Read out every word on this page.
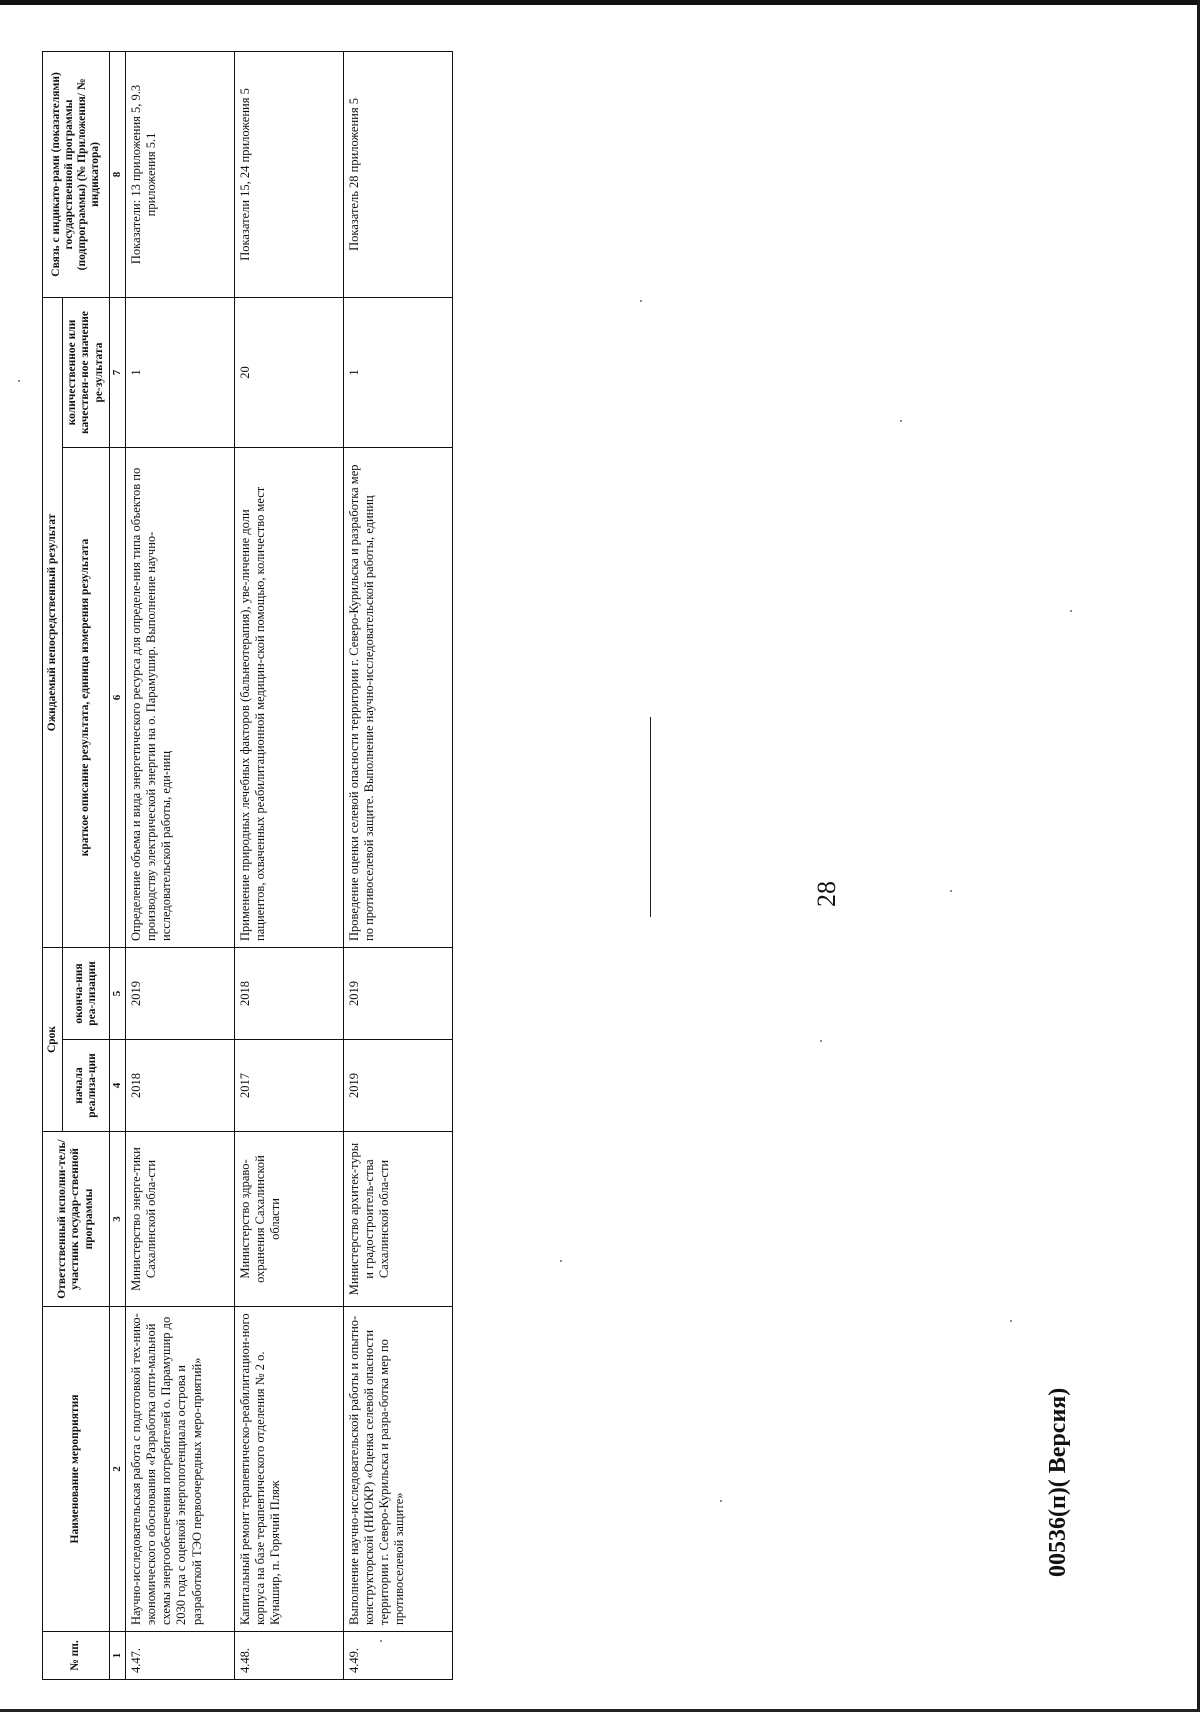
№ пп.	Наименование мероприятия	Ответственный исполни-тель/участник государ-ственной программы	Срок		Ожидаемый непосредственный результат		Связь с индикато-рами (показателями) государственной программы (подпрограммы) (№ Приложения/ № индикатора)
			начала реализа-ции	оконча-ния реа-лизации	краткое описание результата, единица измерения результата	количественное или качествен-ное значение ре-зультата	
1	2	3	4	5	6	7	8
4.47.	Научно-исследовательская работа с подготовкой тех-нико-экономического обоснования «Разработка опти-мальной схемы энергообеспечения потребителей о. Парамушир до 2030 года с оценкой энергопотенциала острова и разработкой ТЭО первоочередных меро-приятий»	Министерство энерге-тики Сахалинской обла-сти	2018	2019	Определение объема и вида энергетического ресурса для определе-ния типа объектов по производству электрической энергии на о. Парамушир. Выполнение научно-исследовательской работы, еди-ниц	1	Показатели: 13 приложения 5, 9.3 приложения 5.1
4.48.	Капитальный ремонт терапевтическо-реабилитацион-ного корпуса на базе терапевтического отделения № 2 о. Кунашир, п. Горячий Пляж	Министерство здраво-охранения Сахалинской области	2017	2018	Применение природных лечебных факторов (бальнеотерапия), уве-личение доли пациентов, охваченных реабилитационной медицин-ской помощью, количество мест	20	Показатели 15, 24 приложения 5
4.49.	Выполнение научно-исследовательской работы и опытно-конструкторской (НИОКР) «Оценка селевой опасности территории г. Северо-Курильска и разра-ботка мер по противоселевой защите»	Министерство архитек-туры и градостроитель-ства Сахалинской обла-сти	2019	2019	Проведение оценки селевой опасности территории г. Северо-Курильска и разработка мер по противоселевой защите. Выполнение научно-исследовательской работы, единиц	1	Показатель 28 приложения 5
28
00536(п)( Версия)
